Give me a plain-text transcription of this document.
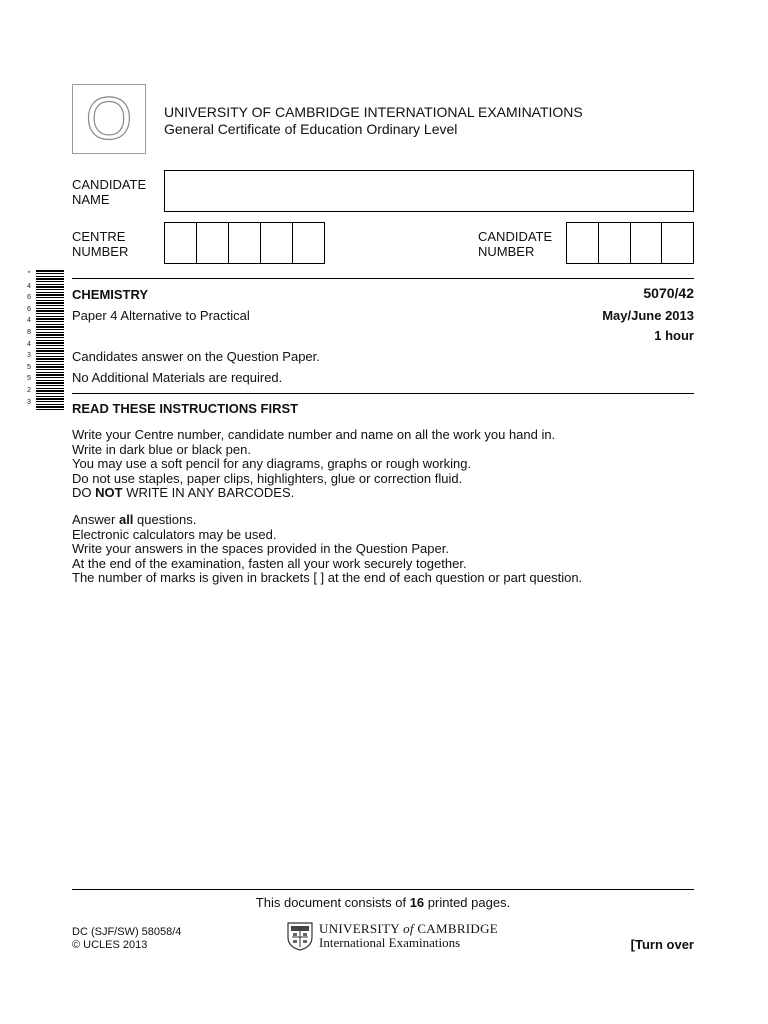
O UNIVERSITY OF CAMBRIDGE INTERNATIONAL EXAMINATIONS
General Certificate of Education Ordinary Level
CANDIDATE
NAME
CENTRE
NUMBER
CANDIDATE
NUMBER
*
4
6
6
4
8
4
3
5
5
2
3
CHEMISTRY	5070/42
Paper 4 Alternative to Practical	May/June 2013
1 hour
Candidates answer on the Question Paper.
No Additional Materials are required.
READ THESE INSTRUCTIONS FIRST

Write your Centre number, candidate number and name on all the work you hand in.

Write in dark blue or black pen.

You may use a soft pencil for any diagrams, graphs or rough working.

Do not use staples, paper clips, highlighters, glue or correction fluid.

DO NOT WRITE IN ANY BARCODES.

Answer all questions.

Electronic calculators may be used.

Write your answers in the spaces provided in the Question Paper.

At the end of the examination, fasten all your work securely together.

The number of marks is given in brackets [ ] at the end of each question or part question.

This document consists of 16 printed pages.
DC (SJF/SW) 58058/4
© UCLES 2013
UNIVERSITY of CAMBRIDGE
International Examinations	[Turn over
